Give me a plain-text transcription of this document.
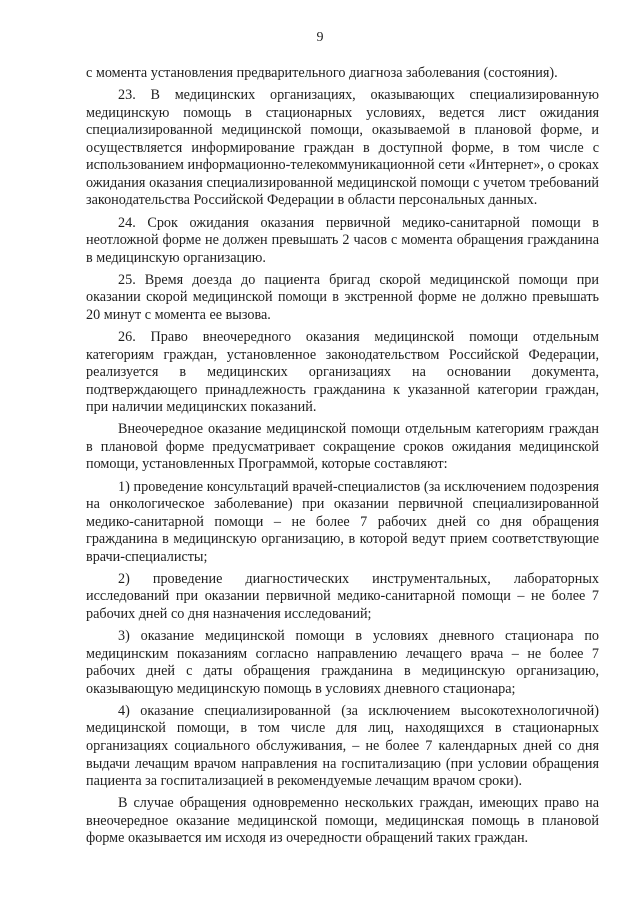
9

с момента установления предварительного диагноза заболевания (состояния).

23. В медицинских организациях, оказывающих специализированную медицинскую помощь в стационарных условиях, ведется лист ожидания специализированной медицинской помощи, оказываемой в плановой форме, и осуществляется информирование граждан в доступной форме, в том числе с использованием информационно-телекоммуникационной сети «Интернет», о сроках ожидания оказания специализированной медицинской помощи с учетом требований законодательства Российской Федерации в области персональных данных.

24. Срок ожидания оказания первичной медико-санитарной помощи в неотложной форме не должен превышать 2 часов с момента обращения гражданина в медицинскую организацию.

25. Время доезда до пациента бригад скорой медицинской помощи при оказании скорой медицинской помощи в экстренной форме не должно превышать 20 минут с момента ее вызова.

26. Право внеочередного оказания медицинской помощи отдельным категориям граждан, установленное законодательством Российской Федерации, реализуется в медицинских организациях на основании документа, подтверждающего принадлежность гражданина к указанной категории граждан, при наличии медицинских показаний.

Внеочередное оказание медицинской помощи отдельным категориям граждан в плановой форме предусматривает сокращение сроков ожидания медицинской помощи, установленных Программой, которые составляют:

1) проведение консультаций врачей-специалистов (за исключением подозрения на онкологическое заболевание) при оказании первичной специализированной медико-санитарной помощи – не более 7 рабочих дней со дня обращения гражданина в медицинскую организацию, в которой ведут прием соответствующие врачи-специалисты;

2) проведение диагностических инструментальных, лабораторных исследований при оказании первичной медико-санитарной помощи – не более 7 рабочих дней со дня назначения исследований;

3) оказание медицинской помощи в условиях дневного стационара по медицинским показаниям согласно направлению лечащего врача – не более 7 рабочих дней с даты обращения гражданина в медицинскую организацию, оказывающую медицинскую помощь в условиях дневного стационара;

4) оказание специализированной (за исключением высокотехнологичной) медицинской помощи, в том числе для лиц, находящихся в стационарных организациях социального обслуживания, – не более 7 календарных дней со дня выдачи лечащим врачом направления на госпитализацию (при условии обращения пациента за госпитализацией в рекомендуемые лечащим врачом сроки).

В случае обращения одновременно нескольких граждан, имеющих право на внеочередное оказание медицинской помощи, медицинская помощь в плановой форме оказывается им исходя из очередности обращений таких граждан.
